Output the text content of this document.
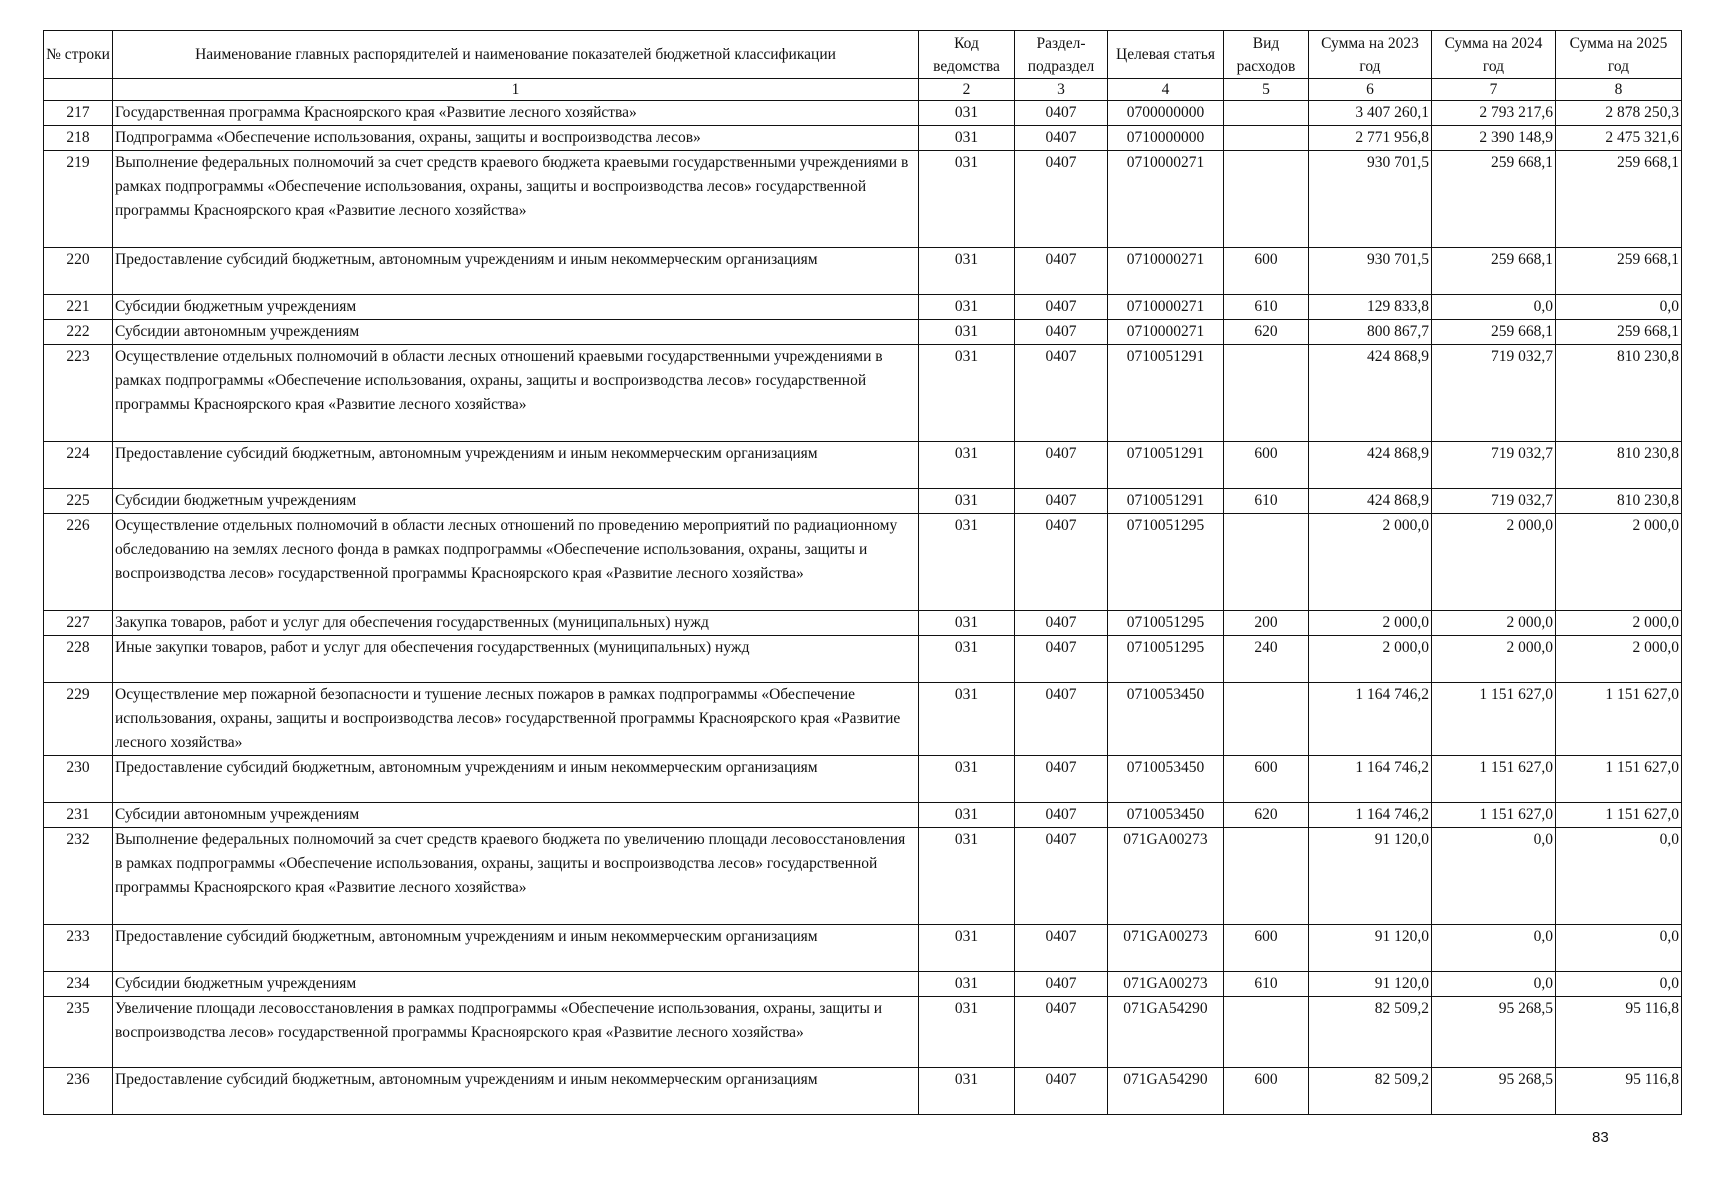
№ строки	Наименование главных распорядителей и наименование показателей бюджетной классификации	Код ведомства	Раздел-подраздел	Целевая статья	Вид расходов	Сумма на 2023 год	Сумма на 2024 год	Сумма на 2025 год
	1	2	3	4	5	6	7	8
217	Государственная программа Красноярского края «Развитие лесного хозяйства»	031	0407	0700000000		3 407 260,1	2 793 217,6	2 878 250,3
218	Подпрограмма «Обеспечение использования, охраны, защиты и воспроизводства лесов»	031	0407	0710000000		2 771 956,8	2 390 148,9	2 475 321,6
219	Выполнение федеральных полномочий за счет средств краевого бюджета краевыми государственными учреждениями в рамках подпрограммы «Обеспечение использования, охраны, защиты и воспроизводства лесов» государственной программы Красноярского края «Развитие лесного хозяйства»	031	0407	0710000271		930 701,5	259 668,1	259 668,1
220	Предоставление субсидий бюджетным, автономным учреждениям и иным некоммерческим организациям	031	0407	0710000271	600	930 701,5	259 668,1	259 668,1
221	Субсидии бюджетным учреждениям	031	0407	0710000271	610	129 833,8	0,0	0,0
222	Субсидии автономным учреждениям	031	0407	0710000271	620	800 867,7	259 668,1	259 668,1
223	Осуществление отдельных полномочий в области лесных отношений краевыми государственными учреждениями в рамках подпрограммы «Обеспечение использования, охраны, защиты и воспроизводства лесов» государственной программы Красноярского края «Развитие лесного хозяйства»	031	0407	0710051291		424 868,9	719 032,7	810 230,8
224	Предоставление субсидий бюджетным, автономным учреждениям и иным некоммерческим организациям	031	0407	0710051291	600	424 868,9	719 032,7	810 230,8
225	Субсидии бюджетным учреждениям	031	0407	0710051291	610	424 868,9	719 032,7	810 230,8
226	Осуществление отдельных полномочий в области лесных отношений по проведению мероприятий по радиационному обследованию на землях лесного фонда в рамках подпрограммы «Обеспечение использования, охраны, защиты и воспроизводства лесов» государственной программы Красноярского края «Развитие лесного хозяйства»	031	0407	0710051295		2 000,0	2 000,0	2 000,0
227	Закупка товаров, работ и услуг для обеспечения государственных (муниципальных) нужд	031	0407	0710051295	200	2 000,0	2 000,0	2 000,0
228	Иные закупки товаров, работ и услуг для обеспечения государственных (муниципальных) нужд	031	0407	0710051295	240	2 000,0	2 000,0	2 000,0
229	Осуществление мер пожарной безопасности и тушение лесных пожаров в рамках подпрограммы «Обеспечение использования, охраны, защиты и воспроизводства лесов» государственной программы Красноярского края «Развитие лесного хозяйства»	031	0407	0710053450		1 164 746,2	1 151 627,0	1 151 627,0
230	Предоставление субсидий бюджетным, автономным учреждениям и иным некоммерческим организациям	031	0407	0710053450	600	1 164 746,2	1 151 627,0	1 151 627,0
231	Субсидии автономным учреждениям	031	0407	0710053450	620	1 164 746,2	1 151 627,0	1 151 627,0
232	Выполнение федеральных полномочий за счет средств краевого бюджета по увеличению площади лесовосстановления в рамках подпрограммы «Обеспечение использования, охраны, защиты и воспроизводства лесов» государственной программы Красноярского края «Развитие лесного хозяйства»	031	0407	071GA00273		91 120,0	0,0	0,0
233	Предоставление субсидий бюджетным, автономным учреждениям и иным некоммерческим организациям	031	0407	071GA00273	600	91 120,0	0,0	0,0
234	Субсидии бюджетным учреждениям	031	0407	071GA00273	610	91 120,0	0,0	0,0
235	Увеличение площади лесовосстановления в рамках подпрограммы «Обеспечение использования, охраны, защиты и воспроизводства лесов» государственной программы Красноярского края «Развитие лесного хозяйства»	031	0407	071GA54290		82 509,2	95 268,5	95 116,8
236	Предоставление субсидий бюджетным, автономным учреждениям и иным некоммерческим организациям	031	0407	071GA54290	600	82 509,2	95 268,5	95 116,8
83
